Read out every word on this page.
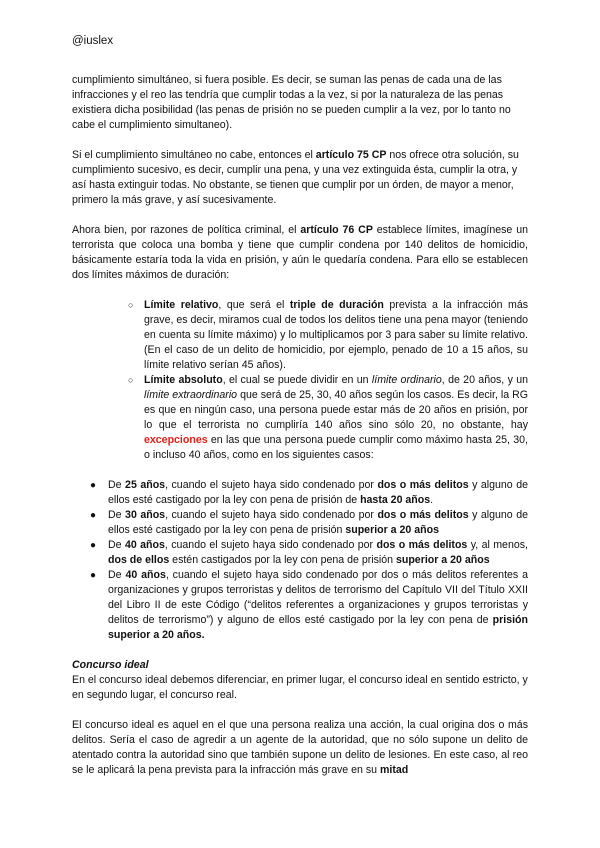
@iuslex

cumplimiento simultáneo, si fuera posible. Es decir, se suman las penas de cada una de las infracciones y el reo las tendría que cumplir todas a la vez, si por la naturaleza de las penas existiera dicha posibilidad (las penas de prisión no se pueden cumplir a la vez, por lo tanto no cabe el cumplimiento simultaneo).

Si el cumplimiento simultáneo no cabe, entonces el artículo 75 CP nos ofrece otra solución, su cumplimiento sucesivo, es decir, cumplir una pena, y una vez extinguida ésta, cumplir la otra, y así hasta extinguir todas. No obstante, se tienen que cumplir por un órden, de mayor a menor, primero la más grave, y así sucesivamente.

Ahora bien, por razones de política criminal, el artículo 76 CP establece límites, imagínese un terrorista que coloca una bomba y tiene que cumplir condena por 140 delitos de homicidio, básicamente estaría toda la vida en prisión, y aún le quedaría condena. Para ello se establecen dos límites máximos de duración:

○ Límite relativo, que será el triple de duración prevista a la infracción más grave, es decir, miramos cual de todos los delitos tiene una pena mayor (teniendo en cuenta su límite máximo) y lo multiplicamos por 3 para saber su límite relativo. (En el caso de un delito de homicidio, por ejemplo, penado de 10 a 15 años, su límite relativo serían 45 años).
○ Límite absoluto, el cual se puede dividir en un límite ordinario, de 20 años, y un límite extraordinario que será de 25, 30, 40 años según los casos. Es decir, la RG es que en ningún caso, una persona puede estar más de 20 años en prisión, por lo que el terrorista no cumpliría 140 años sino sólo 20, no obstante, hay excepciones en las que una persona puede cumplir como máximo hasta 25, 30, o incluso 40 años, como en los siguientes casos:
● De 25 años, cuando el sujeto haya sido condenado por dos o más delitos y alguno de ellos esté castigado por la ley con pena de prisión de hasta 20 años.
● De 30 años, cuando el sujeto haya sido condenado por dos o más delitos y alguno de ellos esté castigado por la ley con pena de prisión superior a 20 años
● De 40 años, cuando el sujeto haya sido condenado por dos o más delitos y, al menos, dos de ellos estén castigados por la ley con pena de prisión superior a 20 años
● De 40 años, cuando el sujeto haya sido condenado por dos o más delitos referentes a organizaciones y grupos terroristas y delitos de terrorismo del Capítulo VII del Título XXII del Libro II de este Código (“delitos referentes a organizaciones y grupos terroristas y delitos de terrorismo”) y alguno de ellos esté castigado por la ley con pena de prisión superior a 20 años.

Concurso ideal

En el concurso ideal debemos diferenciar, en primer lugar, el concurso ideal en sentido estricto, y en segundo lugar, el concurso real.

El concurso ideal es aquel en el que una persona realiza una acción, la cual origina dos o más delitos. Sería el caso de agredir a un agente de la autoridad, que no sólo supone un delito de atentado contra la autoridad sino que también supone un delito de lesiones. En este caso, al reo se le aplicará la pena prevista para la infracción más grave en su mitad
